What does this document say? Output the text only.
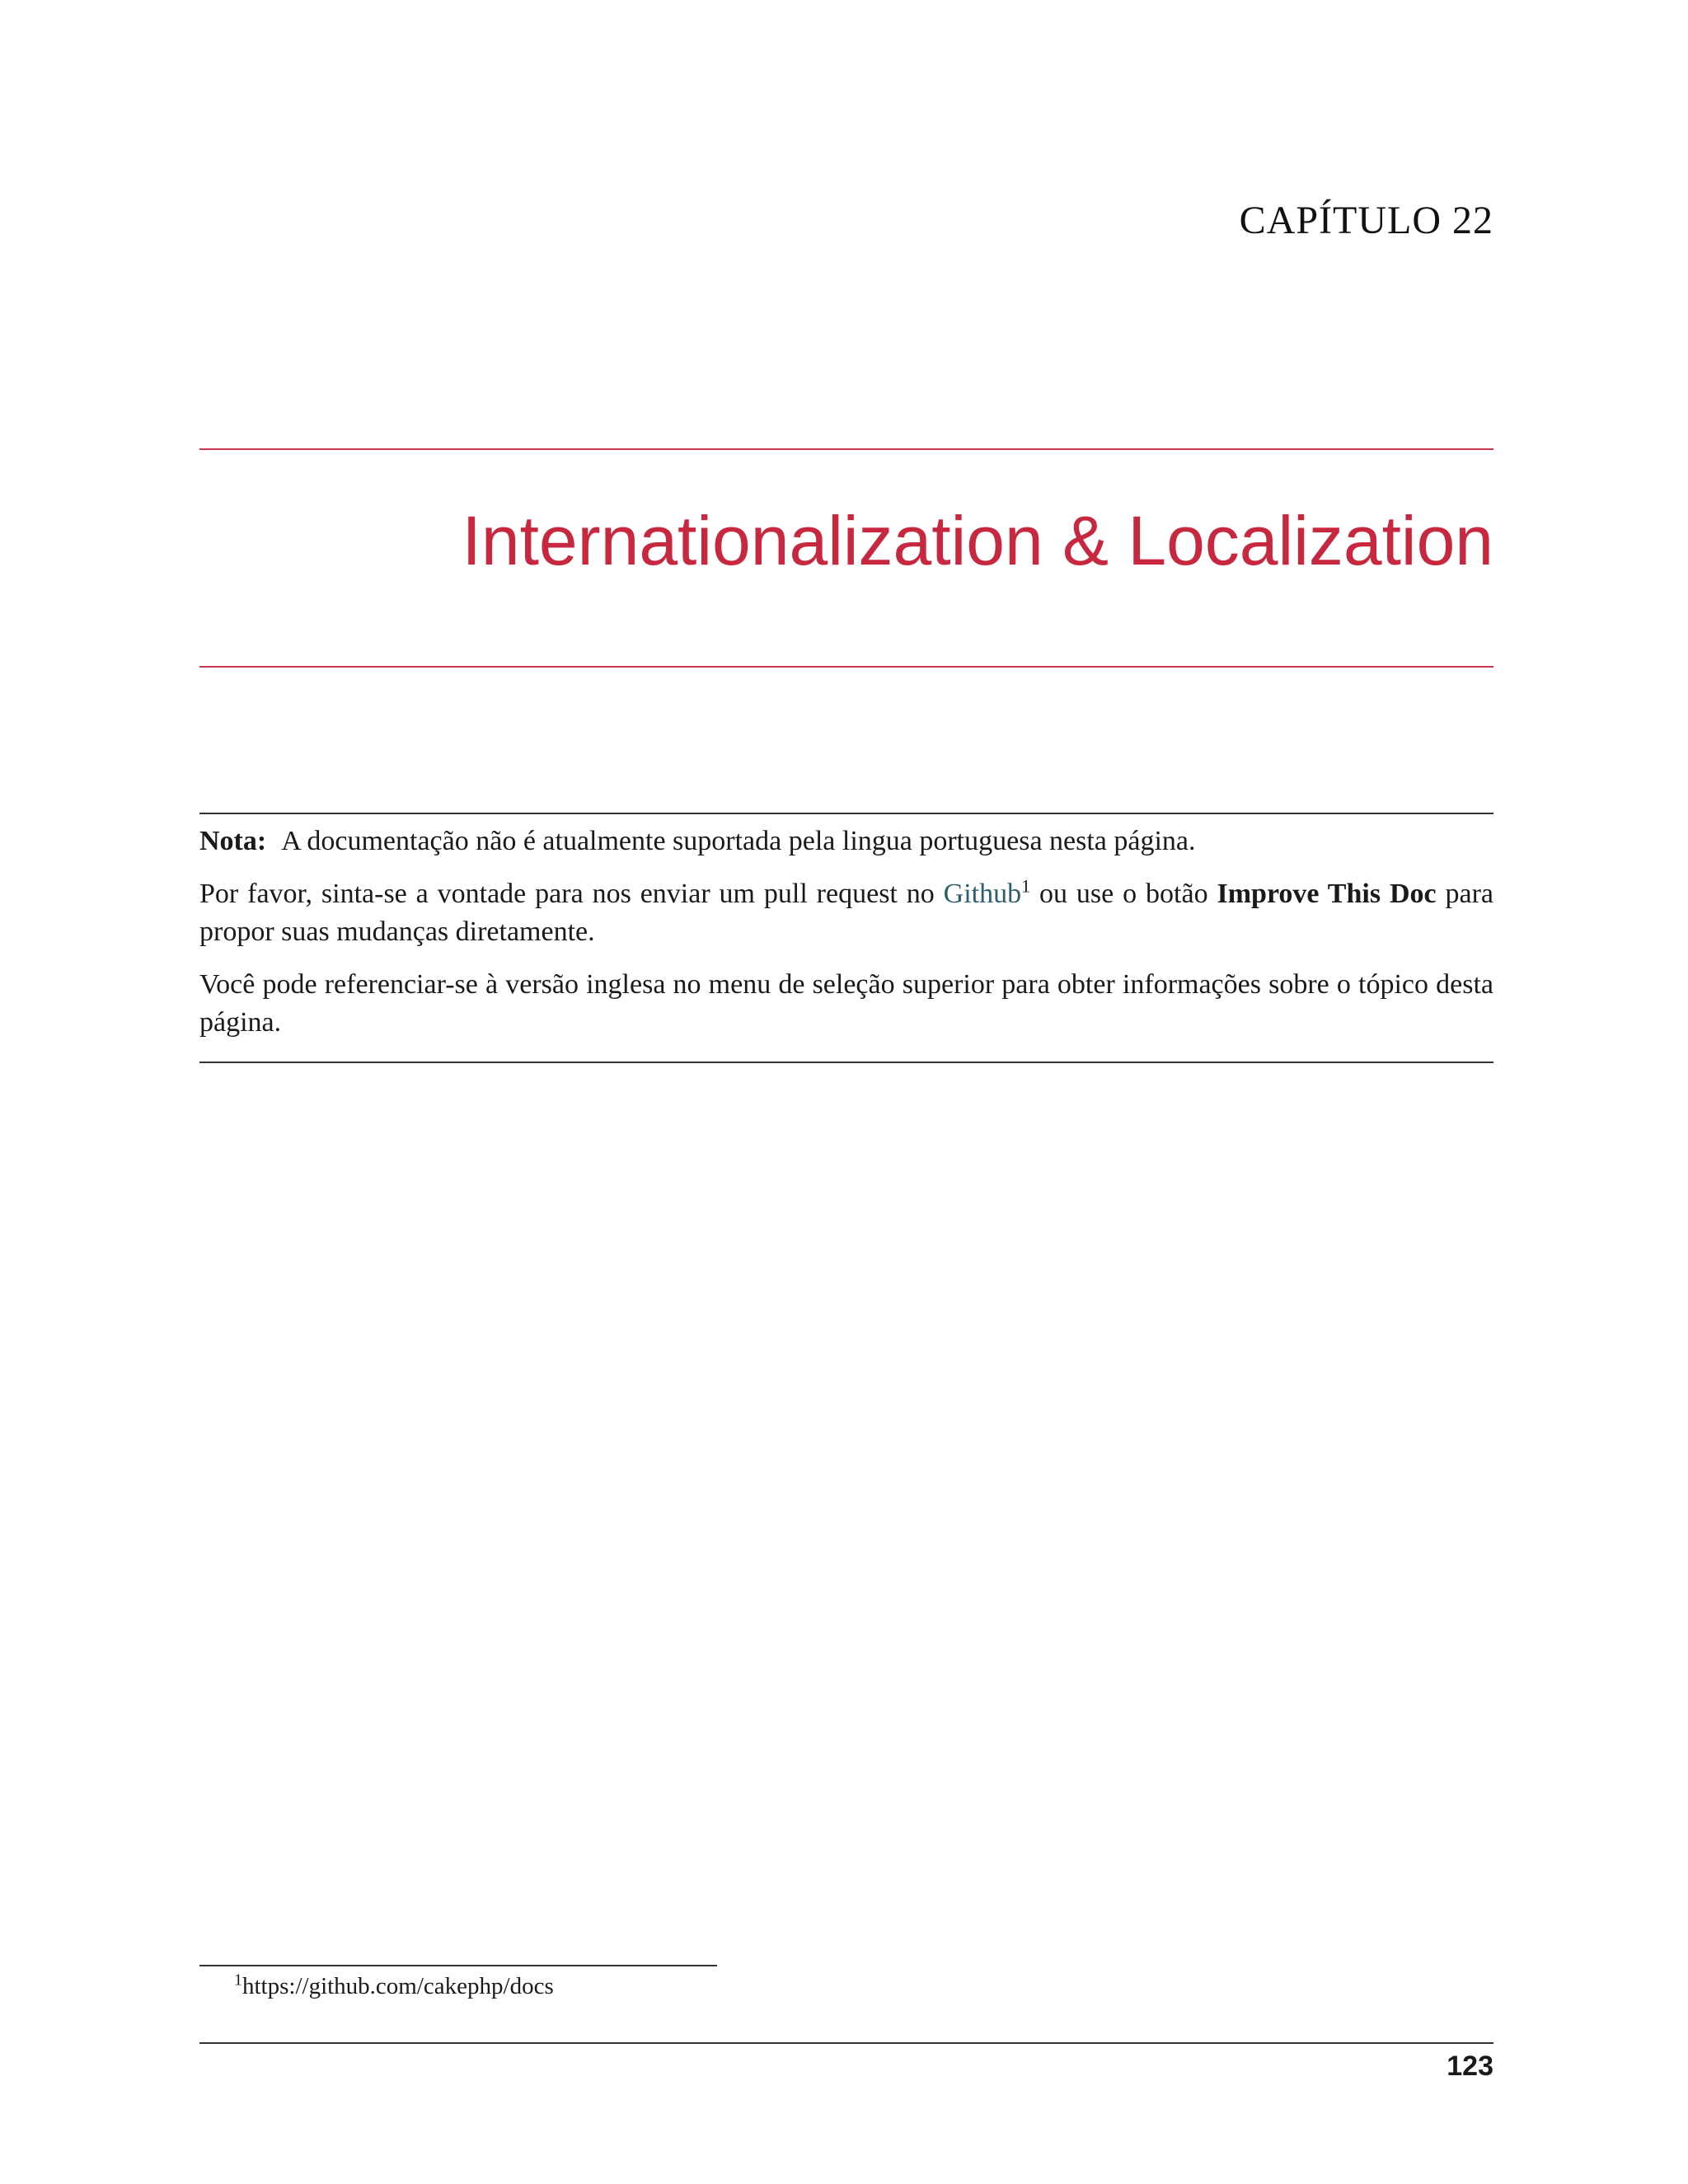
CAPÍTULO 22
Internationalization & Localization

Nota: A documentação não é atualmente suportada pela lingua portuguesa nesta página.

Por favor, sinta-se a vontade para nos enviar um pull request no Github$^1$ ou use o botão Improve This Doc para propor suas mudanças diretamente.

Você pode referenciar-se à versão inglesa no menu de seleção superior para obter informações sobre o tópico desta página.

$^1$https://github.com/cakephp/docs
123
